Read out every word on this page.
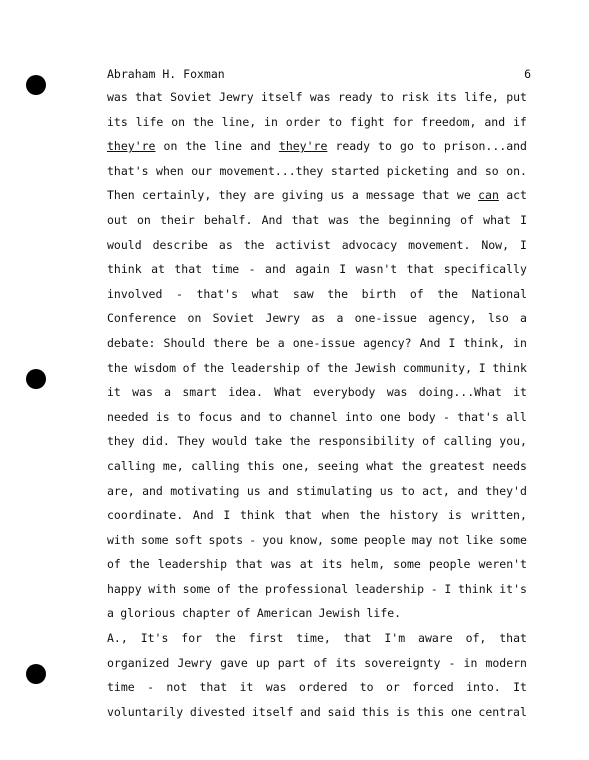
Abraham H. Foxman	6
was that Soviet Jewry itself was ready to risk its life, put
its life on the line, in order to fight for freedom, and if
they're on the line and they're ready to go to prison...and
that's when our movement...they started picketing and so on.
Then certainly, they are giving us a message that we can act
out on their behalf. And that was the beginning of what I
would describe as the activist advocacy movement. Now, I
think at that time - and again I wasn't that specifically
involved - that's what saw the birth of the National
Conference on Soviet Jewry as a one-issue agency, lso a
debate: Should there be a one-issue agency? And I think, in
the wisdom of the leadership of the Jewish community, I think
it was a smart idea. What everybody was doing...What it
needed is to focus and to channel into one body - that's all
they did. They would take the responsibility of calling you,
calling me, calling this one, seeing what the greatest needs
are, and motivating us and stimulating us to act, and they'd
coordinate. And I think that when the history is written,
with some soft spots - you know, some people may not like some
of the leadership that was at its helm, some people weren't
happy with some of the professional leadership - I think it's
a glorious chapter of American Jewish life.
A., It's for the first time, that I'm aware of, that
organized Jewry gave up part of its sovereignty - in modern
time - not that it was ordered to or forced into. It
voluntarily divested itself and said this is this one central
